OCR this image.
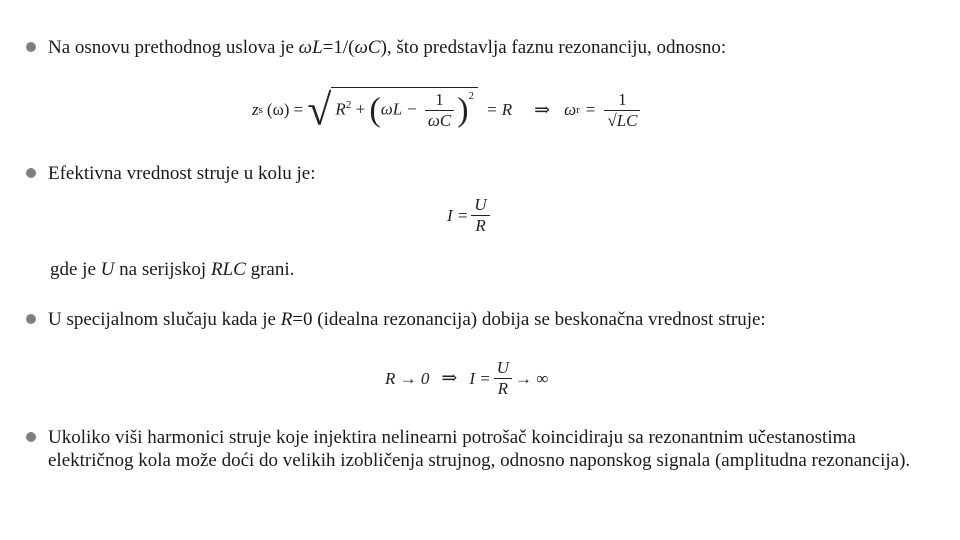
Na osnovu prethodnog uslova je ωL=1/(ωC), što predstavlja faznu rezonanciju, odnosno:
z s (ω) = √ $R^2 + (\omega L - \frac{1}{\omega C} )^2$
= R ⇒ ω $r = \frac{1}{√LC}$
Efektivna vrednost struje u kolu je:
$I = \frac{U}{R}$
gde je U na serijskoj RLC grani.
U specijalnom slučaju kada je R=0 (idealna rezonancija) dobija se beskonačna vrednost struje:
R → 0 ⇒ $I = \frac{U}{R}$ → ∞
Ukoliko viši harmonici struje koje injektira nelinearni potrošač koincidiraju sa rezonantnim učestanostima električnog kola može doći do velikih izobličenja strujnog, odnosno naponskog signala (amplitudna rezonancija).
